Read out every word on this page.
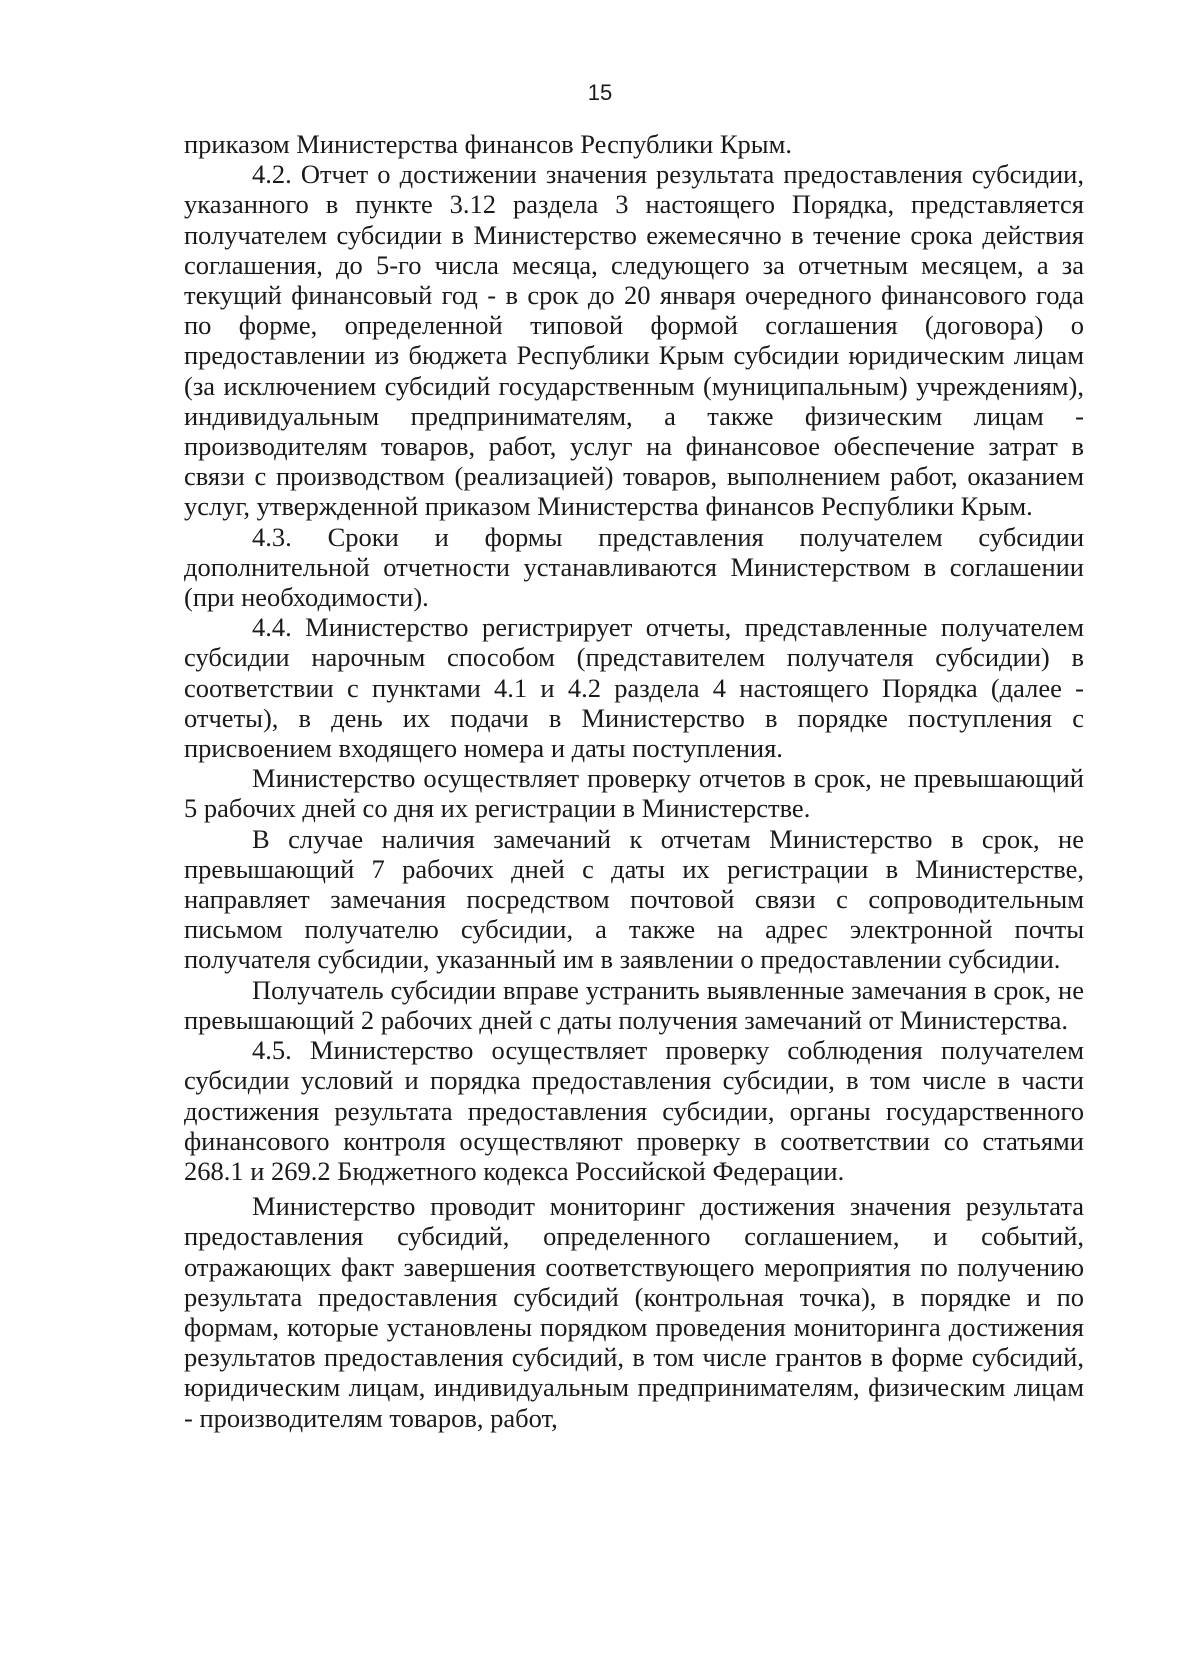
15

приказом Министерства финансов Республики Крым.

4.2. Отчет о достижении значения результата предоставления субсидии, указанного в пункте 3.12 раздела 3 настоящего Порядка, представляется получателем субсидии в Министерство ежемесячно в течение срока действия соглашения, до 5-го числа месяца, следующего за отчетным месяцем, а за текущий финансовый год - в срок до 20 января очередного финансового года по форме, определенной типовой формой соглашения (договора) о предоставлении из бюджета Республики Крым субсидии юридическим лицам (за исключением субсидий государственным (муниципальным) учреждениям), индивидуальным предпринимателям, а также физическим лицам - производителям товаров, работ, услуг на финансовое обеспечение затрат в связи с производством (реализацией) товаров, выполнением работ, оказанием услуг, утвержденной приказом Министерства финансов Республики Крым.

4.3. Сроки и формы представления получателем субсидии дополнительной отчетности устанавливаются Министерством в соглашении (при необходимости).

4.4. Министерство регистрирует отчеты, представленные получателем субсидии нарочным способом (представителем получателя субсидии) в соответствии с пунктами 4.1 и 4.2 раздела 4 настоящего Порядка (далее - отчеты), в день их подачи в Министерство в порядке поступления с присвоением входящего номера и даты поступления.

Министерство осуществляет проверку отчетов в срок, не превышающий 5 рабочих дней со дня их регистрации в Министерстве.

В случае наличия замечаний к отчетам Министерство в срок, не превышающий 7 рабочих дней с даты их регистрации в Министерстве, направляет замечания посредством почтовой связи с сопроводительным письмом получателю субсидии, а также на адрес электронной почты получателя субсидии, указанный им в заявлении о предоставлении субсидии.

Получатель субсидии вправе устранить выявленные замечания в срок, не превышающий 2 рабочих дней с даты получения замечаний от Министерства.

4.5. Министерство осуществляет проверку соблюдения получателем субсидии условий и порядка предоставления субсидии, в том числе в части достижения результата предоставления субсидии, органы государственного финансового контроля осуществляют проверку в соответствии со статьями 268.1 и 269.2 Бюджетного кодекса Российской Федерации.

Министерство проводит мониторинг достижения значения результата предоставления субсидий, определенного соглашением, и событий, отражающих факт завершения соответствующего мероприятия по получению результата предоставления субсидий (контрольная точка), в порядке и по формам, которые установлены порядком проведения мониторинга достижения результатов предоставления субсидий, в том числе грантов в форме субсидий, юридическим лицам, индивидуальным предпринимателям, физическим лицам - производителям товаров, работ,
